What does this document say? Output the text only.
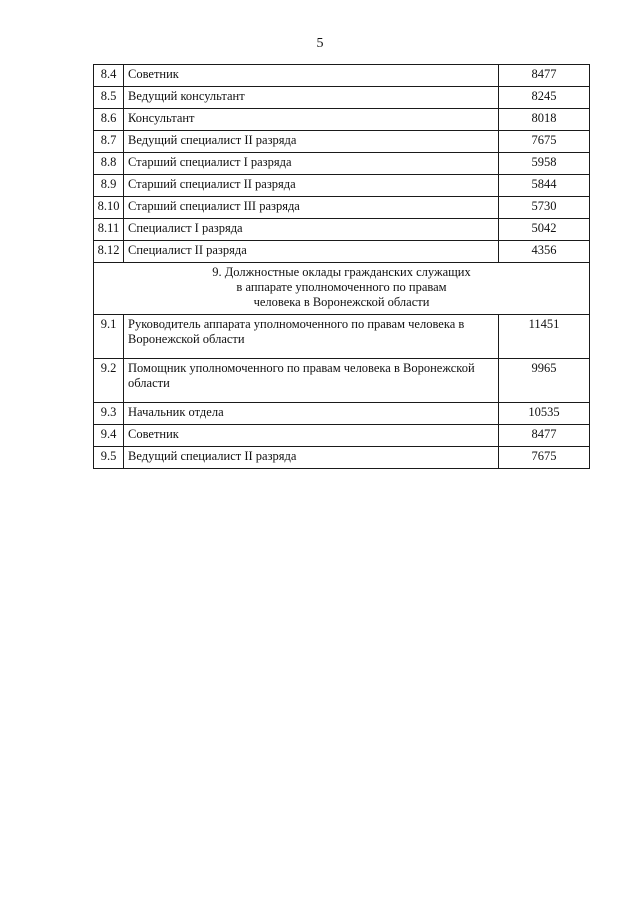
5
8.4	Советник	8477
8.5	Ведущий консультант	8245
8.6	Консультант	8018
8.7	Ведущий специалист II разряда	7675
8.8	Старший специалист I разряда	5958
8.9	Старший специалист II разряда	5844
8.10	Старший специалист III разряда	5730
8.11	Специалист I разряда	5042
8.12	Специалист II разряда	4356

9. Должностные оклады гражданских служащих
в аппарате уполномоченного по правам
человека в Воронежской области		

9.1	Руководитель аппарата уполномоченного по правам человека в Воронежской области	11451
9.2	Помощник уполномоченного по правам человека в Воронежской области	9965
9.3	Начальник отдела	10535
9.4	Советник	8477
9.5	Ведущий специалист II разряда	7675
